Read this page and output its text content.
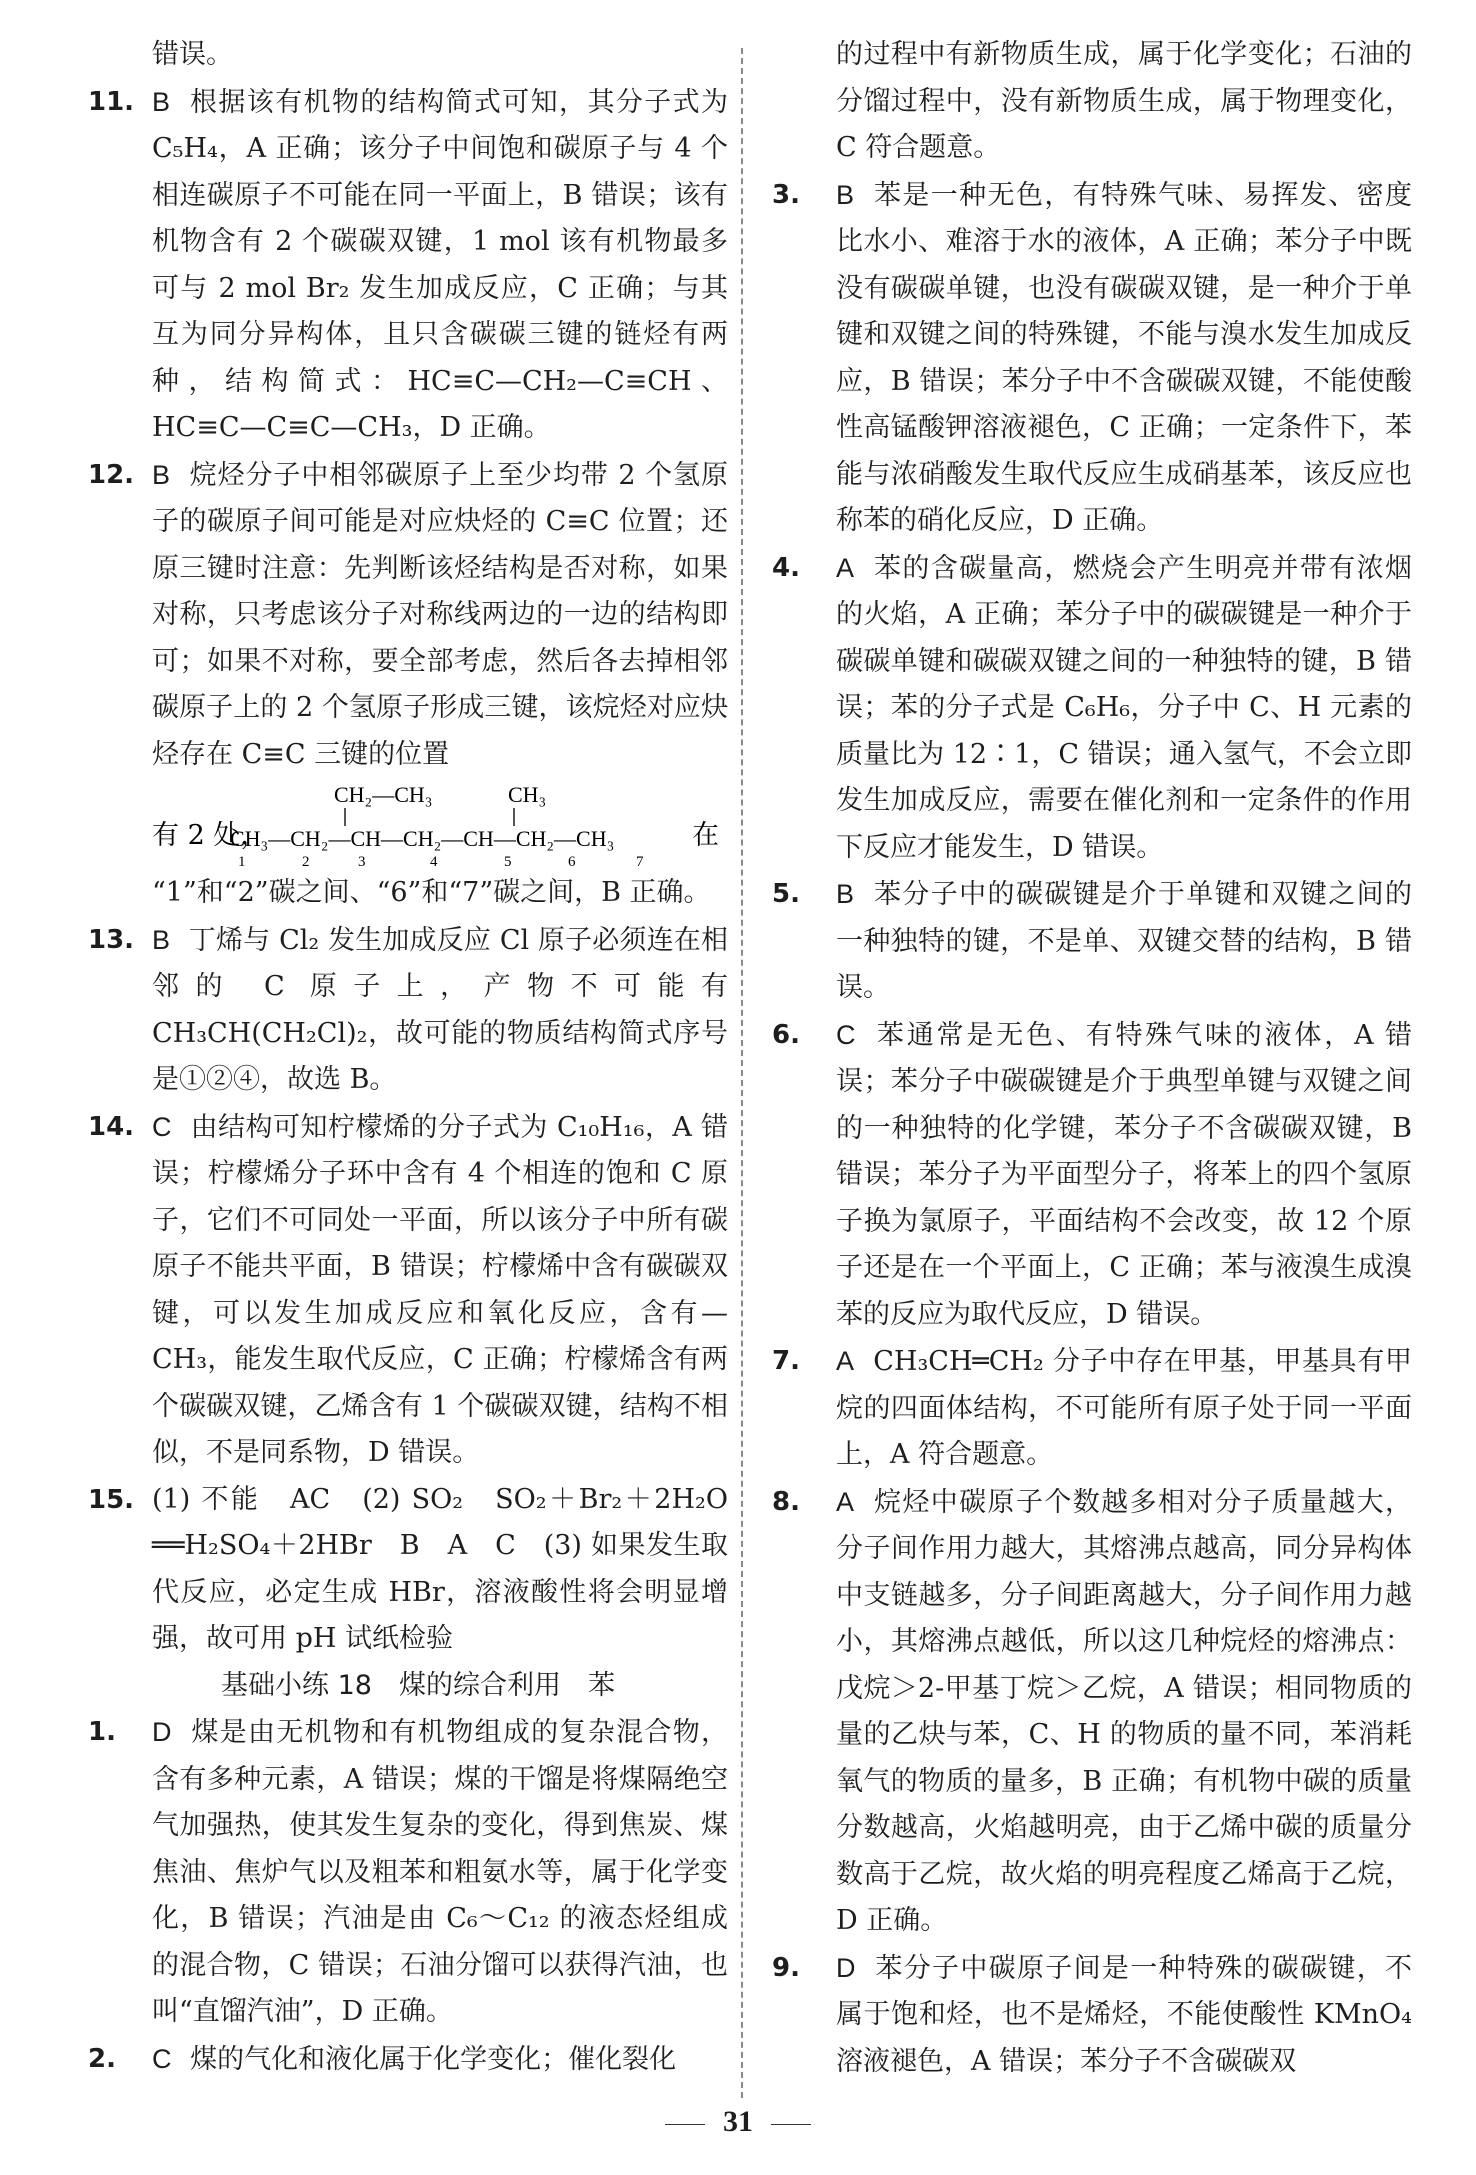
错误。
11. B 根据该有机物的结构简式可知，其分子式为 C₅H₄，A 正确；该分子中间饱和碳原子与 4 个相连碳原子不可能在同一平面上，B 错误；该有机物含有 2 个碳碳双键，1 mol 该有机物最多可与 2 mol Br₂ 发生加成反应，C 正确；与其互为同分异构体，且只含碳碳三键的链烃有两种，结构简式：HC≡C—CH₂—C≡CH、HC≡C—C≡C—CH₃，D 正确。
12. B 烷烃分子中相邻碳原子上至少均带 2 个氢原子的碳原子间可能是对应炔烃的 C≡C 位置；还原三键时注意：先判断该烃结构是否对称，如果对称，只考虑该分子对称线两边的一边的结构即可；如果不对称，要全部考虑，然后各去掉相邻碳原子上的 2 个氢原子形成三键，该烷烃对应炔烃存在 C≡C 三键的位置
有 2 处，
CH₂—CH₃	CH₃
CH₃—CH₂—CH—CH₂—CH—CH₂—CH₃
1	2	3	4	5	6	7
在
“1”和“2”碳之间、“6”和“7”碳之间，B 正确。
13. B 丁烯与 Cl₂ 发生加成反应 Cl 原子必须连在相邻的 C 原子上，产物不可能有 CH₃CH(CH₂Cl)₂，故可能的物质结构简式序号是①②④，故选 B。
14. C 由结构可知柠檬烯的分子式为 C₁₀H₁₆，A 错误；柠檬烯分子环中含有 4 个相连的饱和 C 原子，它们不可同处一平面，所以该分子中所有碳原子不能共平面，B 错误；柠檬烯中含有碳碳双键，可以发生加成反应和氧化反应，含有—CH₃，能发生取代反应，C 正确；柠檬烯含有两个碳碳双键，乙烯含有 1 个碳碳双键，结构不相似，不是同系物，D 错误。
15. (1) 不能　AC　(2) SO₂　SO₂＋Br₂＋2H₂O ══H₂SO₄＋2HBr　B　A　C　(3) 如果发生取代反应，必定生成 HBr，溶液酸性将会明显增强，故可用 pH 试纸检验
基础小练 18　煤的综合利用　苯
1. D 煤是由无机物和有机物组成的复杂混合物，含有多种元素，A 错误；煤的干馏是将煤隔绝空气加强热，使其发生复杂的变化，得到焦炭、煤焦油、焦炉气以及粗苯和粗氨水等，属于化学变化，B 错误；汽油是由 C₆～C₁₂ 的液态烃组成的混合物，C 错误；石油分馏可以获得汽油，也叫“直馏汽油”，D 正确。
2. C 煤的气化和液化属于化学变化；催化裂化
的过程中有新物质生成，属于化学变化；石油的分馏过程中，没有新物质生成，属于物理变化，C 符合题意。
3. B 苯是一种无色，有特殊气味、易挥发、密度比水小、难溶于水的液体，A 正确；苯分子中既没有碳碳单键，也没有碳碳双键，是一种介于单键和双键之间的特殊键，不能与溴水发生加成反应，B 错误；苯分子中不含碳碳双键，不能使酸性高锰酸钾溶液褪色，C 正确；一定条件下，苯能与浓硝酸发生取代反应生成硝基苯，该反应也称苯的硝化反应，D 正确。
4. A 苯的含碳量高，燃烧会产生明亮并带有浓烟的火焰，A 正确；苯分子中的碳碳键是一种介于碳碳单键和碳碳双键之间的一种独特的键，B 错误；苯的分子式是 C₆H₆，分子中 C、H 元素的质量比为 12∶1，C 错误；通入氢气，不会立即发生加成反应，需要在催化剂和一定条件的作用下反应才能发生，D 错误。
5. B 苯分子中的碳碳键是介于单键和双键之间的一种独特的键，不是单、双键交替的结构，B 错误。
6. C 苯通常是无色、有特殊气味的液体，A 错误；苯分子中碳碳键是介于典型单键与双键之间的一种独特的化学键，苯分子不含碳碳双键，B 错误；苯分子为平面型分子，将苯上的四个氢原子换为氯原子，平面结构不会改变，故 12 个原子还是在一个平面上，C 正确；苯与液溴生成溴苯的反应为取代反应，D 错误。
7. A CH₃CH═CH₂ 分子中存在甲基，甲基具有甲烷的四面体结构，不可能所有原子处于同一平面上，A 符合题意。
8. A 烷烃中碳原子个数越多相对分子质量越大，分子间作用力越大，其熔沸点越高，同分异构体中支链越多，分子间距离越大，分子间作用力越小，其熔沸点越低，所以这几种烷烃的熔沸点：戊烷＞2-甲基丁烷＞乙烷，A 错误；相同物质的量的乙炔与苯，C、H 的物质的量不同，苯消耗氧气的物质的量多，B 正确；有机物中碳的质量分数越高，火焰越明亮，由于乙烯中碳的质量分数高于乙烷，故火焰的明亮程度乙烯高于乙烷，D 正确。
9. D 苯分子中碳原子间是一种特殊的碳碳键，不属于饱和烃，也不是烯烃，不能使酸性 KMnO₄ 溶液褪色，A 错误；苯分子不含碳碳双
31
